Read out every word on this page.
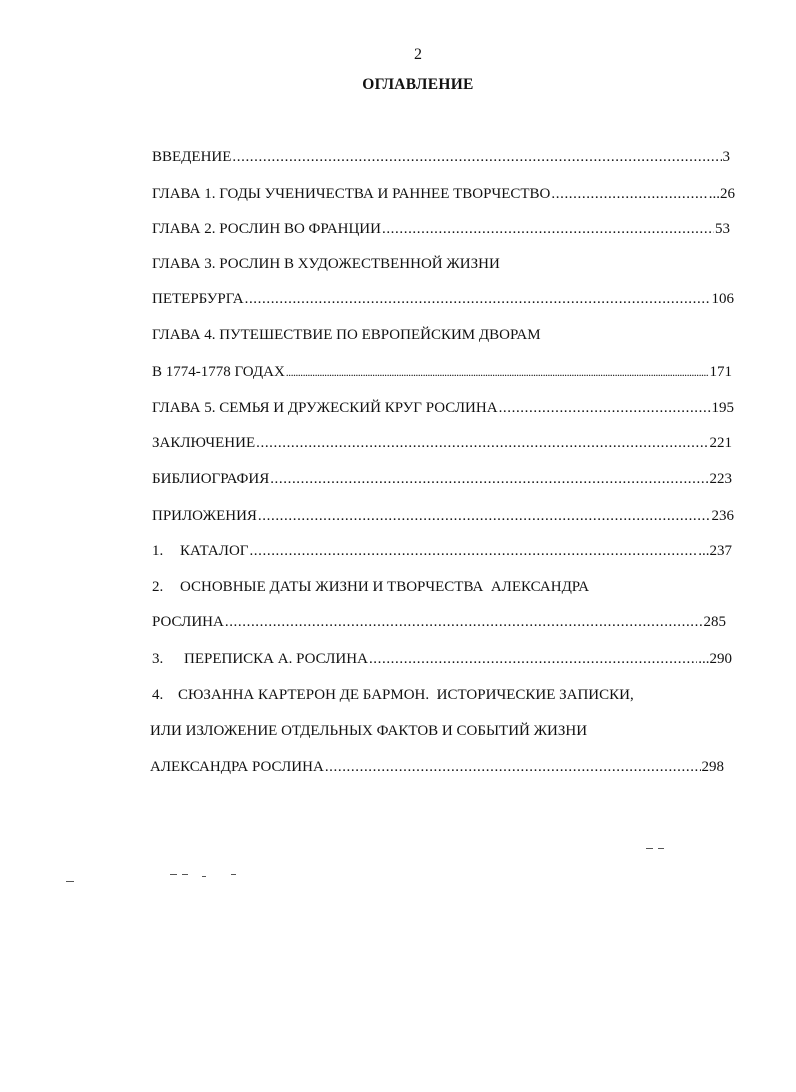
2
ОГЛАВЛЕНИЕ
ВВЕДЕНИЕ .....	3
ГЛАВА 1. ГОДЫ УЧЕНИЧЕСТВА И РАННЕЕ ТВОРЧЕСТВО .....	...26
ГЛАВА 2. РОСЛИН ВО ФРАНЦИИ .....	53
ГЛАВА 3. РОСЛИН В ХУДОЖЕСТВЕННОЙ ЖИЗНИ
ПЕТЕРБУРГА .....	106
ГЛАВА 4. ПУТЕШЕСТВИЕ ПО ЕВРОПЕЙСКИМ ДВОРАМ
В 1774-1778 ГОДАХ .....	171
ГЛАВА 5. СЕМЬЯ И ДРУЖЕСКИЙ КРУГ РОСЛИНА .....	195
ЗАКЛЮЧЕНИЕ .....	221
БИБЛИОГРАФИЯ .....	223
ПРИЛОЖЕНИЯ .....	236
1. КАТАЛОГ .....	...237
2. ОСНОВНЫЕ ДАТЫ ЖИЗНИ И ТВОРЧЕСТВА  АЛЕКСАНДРА
РОСЛИНА .....	285
3. ПЕРЕПИСКА А. РОСЛИНА .....	...290
4. СЮЗАННА КАРТЕРОН ДЕ БАРМОН.  ИСТОРИЧЕСКИЕ ЗАПИСКИ,
ИЛИ ИЗЛОЖЕНИЕ ОТДЕЛЬНЫХ ФАКТОВ И СОБЫТИЙ ЖИЗНИ
АЛЕКСАНДРА РОСЛИНА .....	298
